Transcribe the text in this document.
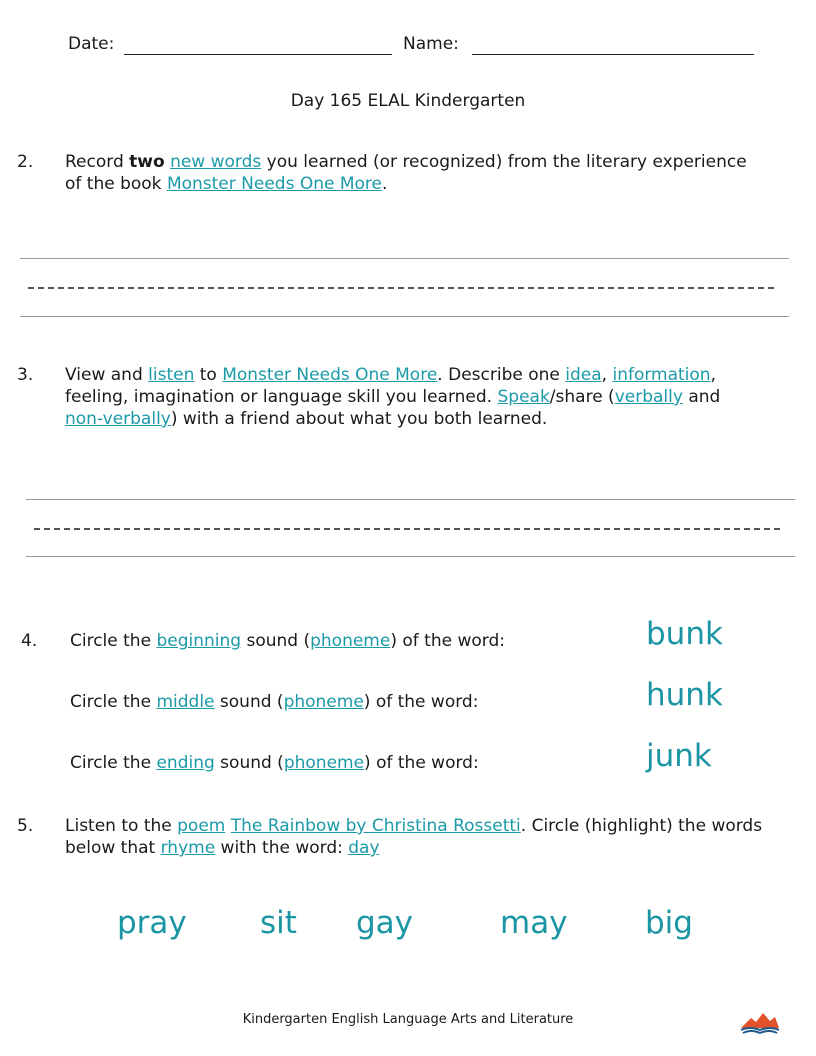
Date:	Name:
Day 165 ELAL Kindergarten
2. Record two new words you learned (or recognized) from the literary experience
of the book Monster Needs One More.
3. View and listen to Monster Needs One More. Describe one idea, information,
feeling, imagination or language skill you learned. Speak/share (verbally and
non-verbally) with a friend about what you both learned.
4. Circle the beginning sound (phoneme) of the word:	bunk
Circle the middle sound (phoneme) of the word:	hunk
Circle the ending sound (phoneme) of the word:	junk
5. Listen to the poem The Rainbow by Christina Rossetti. Circle (highlight) the words
below that rhyme with the word: day
pray sit gay	may big
Kindergarten English Language Arts and Literature
